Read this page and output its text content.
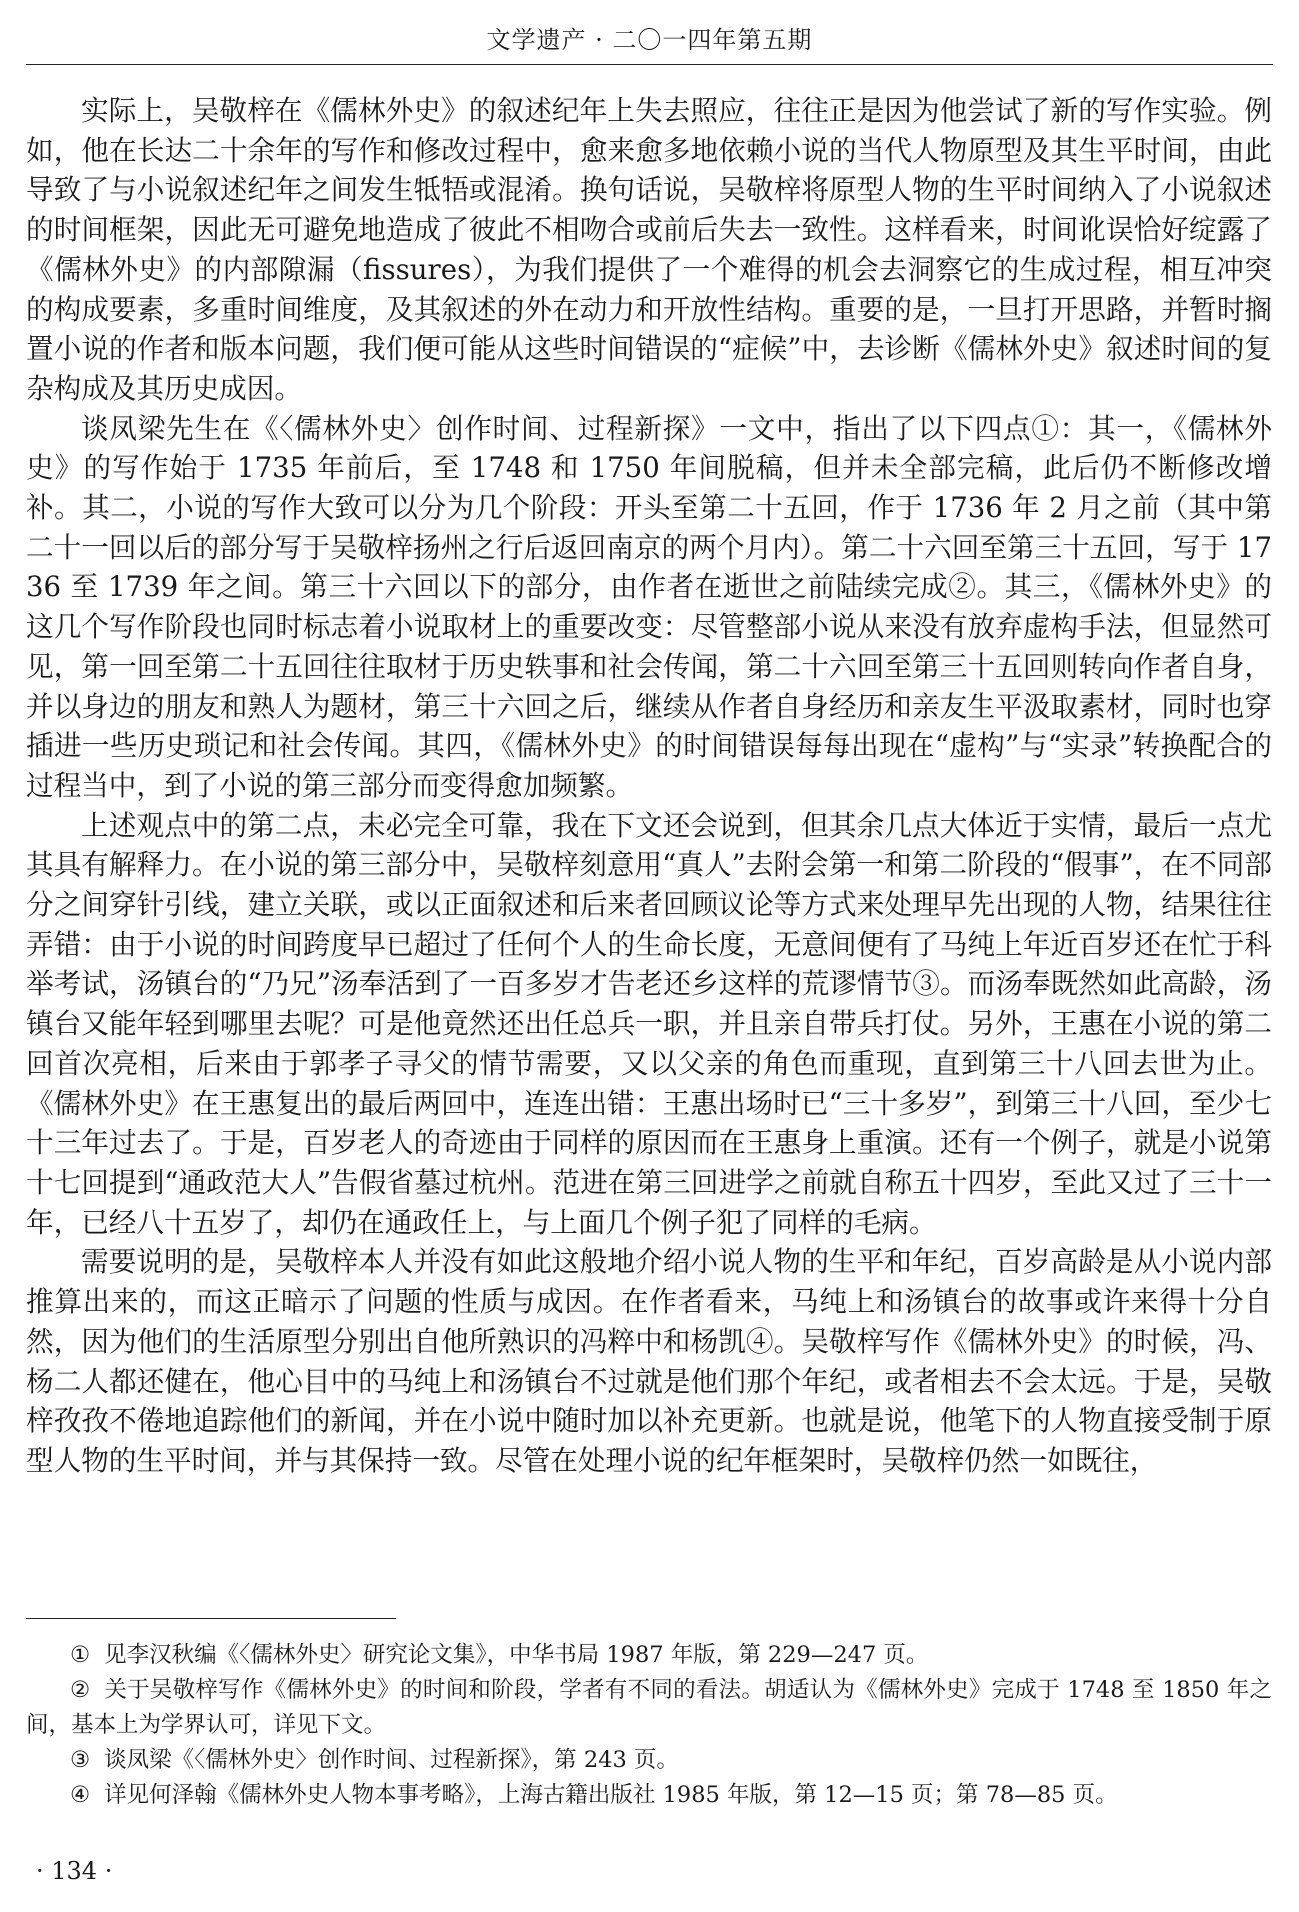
文学遗产 · 二〇一四年第五期

实际上，吴敬梓在《儒林外史》的叙述纪年上失去照应，往往正是因为他尝试了新的写作实验。例如，他在长达二十余年的写作和修改过程中，愈来愈多地依赖小说的当代人物原型及其生平时间，由此导致了与小说叙述纪年之间发生牴牾或混淆。换句话说，吴敬梓将原型人物的生平时间纳入了小说叙述的时间框架，因此无可避免地造成了彼此不相吻合或前后失去一致性。这样看来，时间讹误恰好绽露了《儒林外史》的内部隙漏（fissures），为我们提供了一个难得的机会去洞察它的生成过程，相互冲突的构成要素，多重时间维度，及其叙述的外在动力和开放性结构。重要的是，一旦打开思路，并暂时搁置小说的作者和版本问题，我们便可能从这些时间错误的“症候”中，去诊断《儒林外史》叙述时间的复杂构成及其历史成因。

谈凤梁先生在《〈儒林外史〉创作时间、过程新探》一文中，指出了以下四点①：其一，《儒林外史》的写作始于 1735 年前后，至 1748 和 1750 年间脱稿，但并未全部完稿，此后仍不断修改增补。其二，小说的写作大致可以分为几个阶段：开头至第二十五回，作于 1736 年 2 月之前（其中第二十一回以后的部分写于吴敬梓扬州之行后返回南京的两个月内）。第二十六回至第三十五回，写于 1736 至 1739 年之间。第三十六回以下的部分，由作者在逝世之前陆续完成②。其三，《儒林外史》的这几个写作阶段也同时标志着小说取材上的重要改变：尽管整部小说从来没有放弃虚构手法，但显然可见，第一回至第二十五回往往取材于历史轶事和社会传闻，第二十六回至第三十五回则转向作者自身，并以身边的朋友和熟人为题材，第三十六回之后，继续从作者自身经历和亲友生平汲取素材，同时也穿插进一些历史琐记和社会传闻。其四，《儒林外史》的时间错误每每出现在“虚构”与“实录”转换配合的过程当中，到了小说的第三部分而变得愈加频繁。

上述观点中的第二点，未必完全可靠，我在下文还会说到，但其余几点大体近于实情，最后一点尤其具有解释力。在小说的第三部分中，吴敬梓刻意用“真人”去附会第一和第二阶段的“假事”，在不同部分之间穿针引线，建立关联，或以正面叙述和后来者回顾议论等方式来处理早先出现的人物，结果往往弄错：由于小说的时间跨度早已超过了任何个人的生命长度，无意间便有了马纯上年近百岁还在忙于科举考试，汤镇台的“乃兄”汤奉活到了一百多岁才告老还乡这样的荒谬情节③。而汤奉既然如此高龄，汤镇台又能年轻到哪里去呢？可是他竟然还出任总兵一职，并且亲自带兵打仗。另外，王惠在小说的第二回首次亮相，后来由于郭孝子寻父的情节需要，又以父亲的角色而重现，直到第三十八回去世为止。《儒林外史》在王惠复出的最后两回中，连连出错：王惠出场时已“三十多岁”，到第三十八回，至少七十三年过去了。于是，百岁老人的奇迹由于同样的原因而在王惠身上重演。还有一个例子，就是小说第十七回提到“通政范大人”告假省墓过杭州。范进在第三回进学之前就自称五十四岁，至此又过了三十一年，已经八十五岁了，却仍在通政任上，与上面几个例子犯了同样的毛病。

需要说明的是，吴敬梓本人并没有如此这般地介绍小说人物的生平和年纪，百岁高龄是从小说内部推算出来的，而这正暗示了问题的性质与成因。在作者看来，马纯上和汤镇台的故事或许来得十分自然，因为他们的生活原型分别出自他所熟识的冯粹中和杨凯④。吴敬梓写作《儒林外史》的时候，冯、杨二人都还健在，他心目中的马纯上和汤镇台不过就是他们那个年纪，或者相去不会太远。于是，吴敬梓孜孜不倦地追踪他们的新闻，并在小说中随时加以补充更新。也就是说，他笔下的人物直接受制于原型人物的生平时间，并与其保持一致。尽管在处理小说的纪年框架时，吴敬梓仍然一如既往，

① 见李汉秋编《〈儒林外史〉研究论文集》，中华书局 1987 年版，第 229—247 页。

② 关于吴敬梓写作《儒林外史》的时间和阶段，学者有不同的看法。胡适认为《儒林外史》完成于 1748 至 1850 年之间，基本上为学界认可，详见下文。

③ 谈凤梁《〈儒林外史〉创作时间、过程新探》，第 243 页。

④ 详见何泽翰《儒林外史人物本事考略》，上海古籍出版社 1985 年版，第 12—15 页；第 78—85 页。

· 134 ·
